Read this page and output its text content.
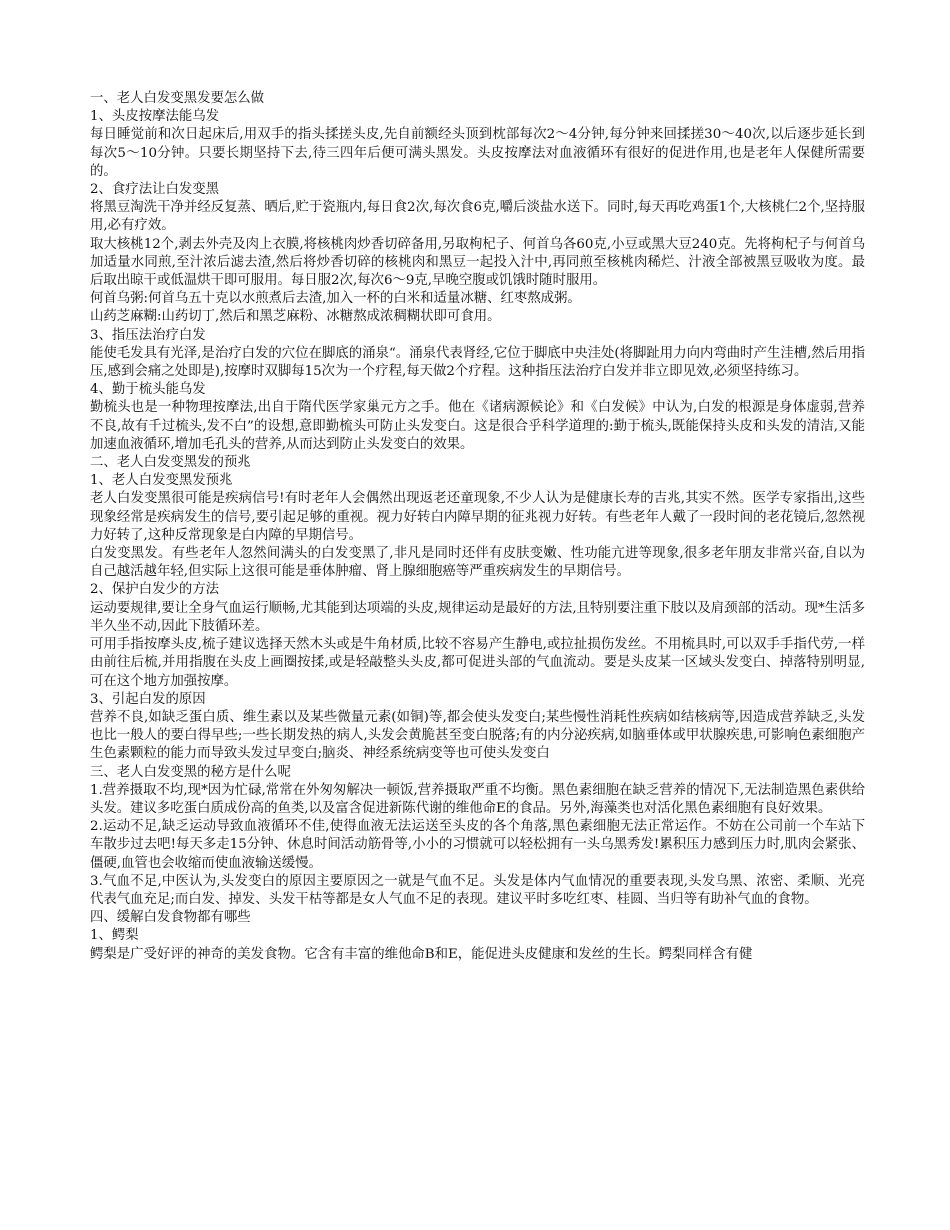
一、老人白发变黑发要怎么做
1、头皮按摩法能乌发
每日睡觉前和次日起床后,用双手的指头揉搓头皮,先自前额经头顶到枕部每次2～4分钟,每分钟来回揉搓30～40次,以后逐步延长到每次5～10分钟。只要长期坚持下去,待三四年后便可满头黑发。头皮按摩法对血液循环有很好的促进作用,也是老年人保健所需要的。
2、食疗法让白发变黑
将黑豆淘洗干净并经反复蒸、晒后,贮于瓷瓶内,每日食2次,每次食6克,嚼后淡盐水送下。同时,每天再吃鸡蛋1个,大核桃仁2个,坚持服用,必有疗效。
取大核桃12个,剥去外壳及肉上衣膜,将核桃肉炒香切碎备用,另取枸杞子、何首乌各60克,小豆或黑大豆240克。先将枸杞子与何首乌加适量水同煎,至汁浓后滤去渣,然后将炒香切碎的核桃肉和黑豆一起投入汁中,再同煎至核桃肉稀烂、汁液全部被黑豆吸收为度。最后取出晾干或低温烘干即可服用。每日服2次,每次6～9克,早晚空腹或饥饿时随时服用。
何首乌粥:何首乌五十克以水煎煮后去渣,加入一杯的白米和适量冰糖、红枣熬成粥。
山药芝麻糊:山药切丁,然后和黑芝麻粉、冰糖熬成浓稠糊状即可食用。
3、指压法治疗白发
能使毛发具有光泽,是治疗白发的穴位在脚底的涌泉“。涌泉代表肾经,它位于脚底中央洼处(将脚趾用力向内弯曲时产生洼槽,然后用指压,感到会痛之处即是),按摩时双脚每15次为一个疗程,每天做2个疗程。这种指压法治疗白发并非立即见效,必须坚持练习。
4、勤于梳头能乌发
勤梳头也是一种物理按摩法,出自于隋代医学家巢元方之手。他在《诸病源候论》和《白发候》中认为,白发的根源是身体虚弱,营养不良,故有千过梳头,发不白”的设想,意即勤梳头可防止头发变白。这是很合乎科学道理的:勤于梳头,既能保持头皮和头发的清洁,又能加速血液循环,增加毛孔头的营养,从而达到防止头发变白的效果。
二、老人白发变黑发的预兆
1、老人白发变黑发预兆
老人白发变黑很可能是疾病信号!有时老年人会偶然出现返老还童现象,不少人认为是健康长寿的吉兆,其实不然。医学专家指出,这些现象经常是疾病发生的信号,要引起足够的重视。视力好转白内障早期的征兆视力好转。有些老年人戴了一段时间的老花镜后,忽然视力好转了,这种反常现象是白内障的早期信号。
白发变黑发。有些老年人忽然间满头的白发变黑了,非凡是同时还伴有皮肤变嫩、性功能亢进等现象,很多老年朋友非常兴奋,自以为自己越活越年轻,但实际上这很可能是垂体肿瘤、肾上腺细胞癌等严重疾病发生的早期信号。
2、保护白发少的方法
运动要规律,要让全身气血运行顺畅,尤其能到达项端的头皮,规律运动是最好的方法,且特别要注重下肢以及肩颈部的活动。现*生活多半久坐不动,因此下肢循环差。
可用手指按摩头皮,梳子建议选择天然木头或是牛角材质,比较不容易产生静电,或拉扯损伤发丝。不用梳具时,可以双手手指代劳,一样由前往后梳,并用指腹在头皮上画圈按揉,或是轻敲整头头皮,都可促进头部的气血流动。要是头皮某一区域头发变白、掉落特别明显,可在这个地方加强按摩。
3、引起白发的原因
营养不良,如缺乏蛋白质、维生素以及某些微量元素(如铜)等,都会使头发变白;某些慢性消耗性疾病如结核病等,因造成营养缺乏,头发也比一般人的要白得早些;一些长期发热的病人,头发会黄脆甚至变白脱落;有的内分泌疾病,如脑垂体或甲状腺疾患,可影响色素细胞产生色素颗粒的能力而导致头发过早变白;脑炎、神经系统病变等也可使头发变白
三、老人白发变黑的秘方是什么呢
1.营养摄取不均,现*因为忙碌,常常在外匆匆解决一顿饭,营养摄取严重不均衡。黑色素细胞在缺乏营养的情况下,无法制造黑色素供给头发。建议多吃蛋白质成份高的鱼类,以及富含促进新陈代谢的维他命E的食品。另外,海藻类也对活化黑色素细胞有良好效果。
2.运动不足,缺乏运动导致血液循环不佳,使得血液无法运送至头皮的各个角落,黑色素细胞无法正常运作。不妨在公司前一个车站下车散步过去吧!每天多走15分钟、休息时间活动筋骨等,小小的习惯就可以轻松拥有一头乌黑秀发!累积压力感到压力时,肌肉会紧张、僵硬,血管也会收缩而使血液输送缓慢。
3.气血不足,中医认为,头发变白的原因主要原因之一就是气血不足。头发是体内气血情况的重要表现,头发乌黑、浓密、柔顺、光亮代表气血充足;而白发、掉发、头发干枯等都是女人气血不足的表现。建议平时多吃红枣、桂圆、当归等有助补气血的食物。
四、缓解白发食物都有哪些
1、鳄梨
鳄梨是广受好评的神奇的美发食物。它含有丰富的维他命B和E，能促进头皮健康和发丝的生长。鳄梨同样含有健
